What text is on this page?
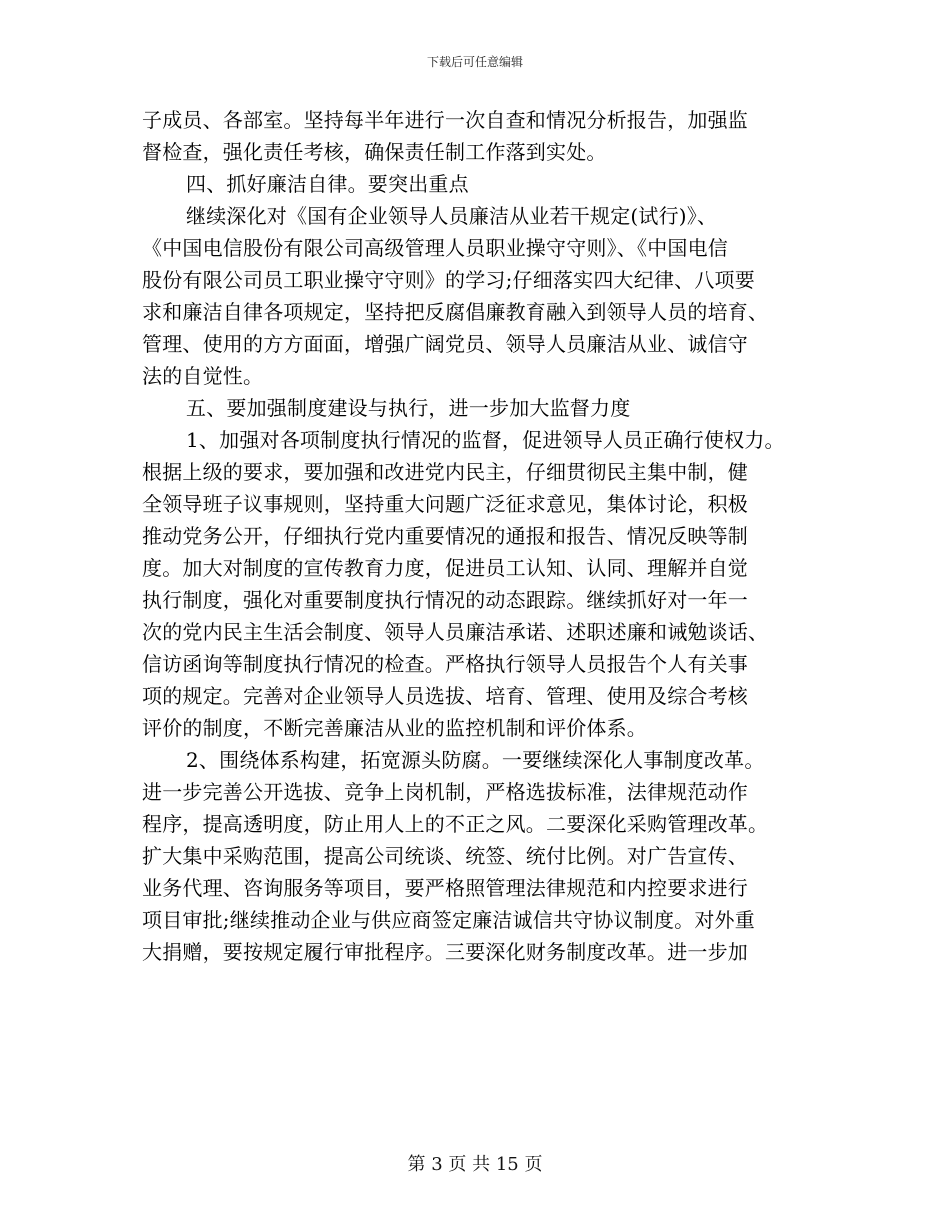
下载后可任意编辑
子成员、各部室。坚持每半年进行一次自查和情况分析报告，加强监
督检查，强化责任考核，确保责任制工作落到实处。
四、抓好廉洁自律。要突出重点
继续深化对《国有企业领导人员廉洁从业若干规定(试行)》、
《中国电信股份有限公司高级管理人员职业操守守则》、《中国电信
股份有限公司员工职业操守守则》的学习;仔细落实四大纪律、八项要
求和廉洁自律各项规定，坚持把反腐倡廉教育融入到领导人员的培育、
管理、使用的方方面面，增强广阔党员、领导人员廉洁从业、诚信守
法的自觉性。
五、要加强制度建设与执行，进一步加大监督力度
1、加强对各项制度执行情况的监督，促进领导人员正确行使权力。
根据上级的要求，要加强和改进党内民主，仔细贯彻民主集中制，健
全领导班子议事规则，坚持重大问题广泛征求意见，集体讨论，积极
推动党务公开，仔细执行党内重要情况的通报和报告、情况反映等制
度。加大对制度的宣传教育力度，促进员工认知、认同、理解并自觉
执行制度，强化对重要制度执行情况的动态跟踪。继续抓好对一年一
次的党内民主生活会制度、领导人员廉洁承诺、述职述廉和诫勉谈话、
信访函询等制度执行情况的检查。严格执行领导人员报告个人有关事
项的规定。完善对企业领导人员选拔、培育、管理、使用及综合考核
评价的制度，不断完善廉洁从业的监控机制和评价体系。
2、围绕体系构建，拓宽源头防腐。一要继续深化人事制度改革。
进一步完善公开选拔、竞争上岗机制，严格选拔标准，法律规范动作
程序，提高透明度，防止用人上的不正之风。二要深化采购管理改革。
扩大集中采购范围，提高公司统谈、统签、统付比例。对广告宣传、
业务代理、咨询服务等项目，要严格照管理法律规范和内控要求进行
项目审批;继续推动企业与供应商签定廉洁诚信共守协议制度。对外重
大捐赠，要按规定履行审批程序。三要深化财务制度改革。进一步加
第 3 页 共 15 页
